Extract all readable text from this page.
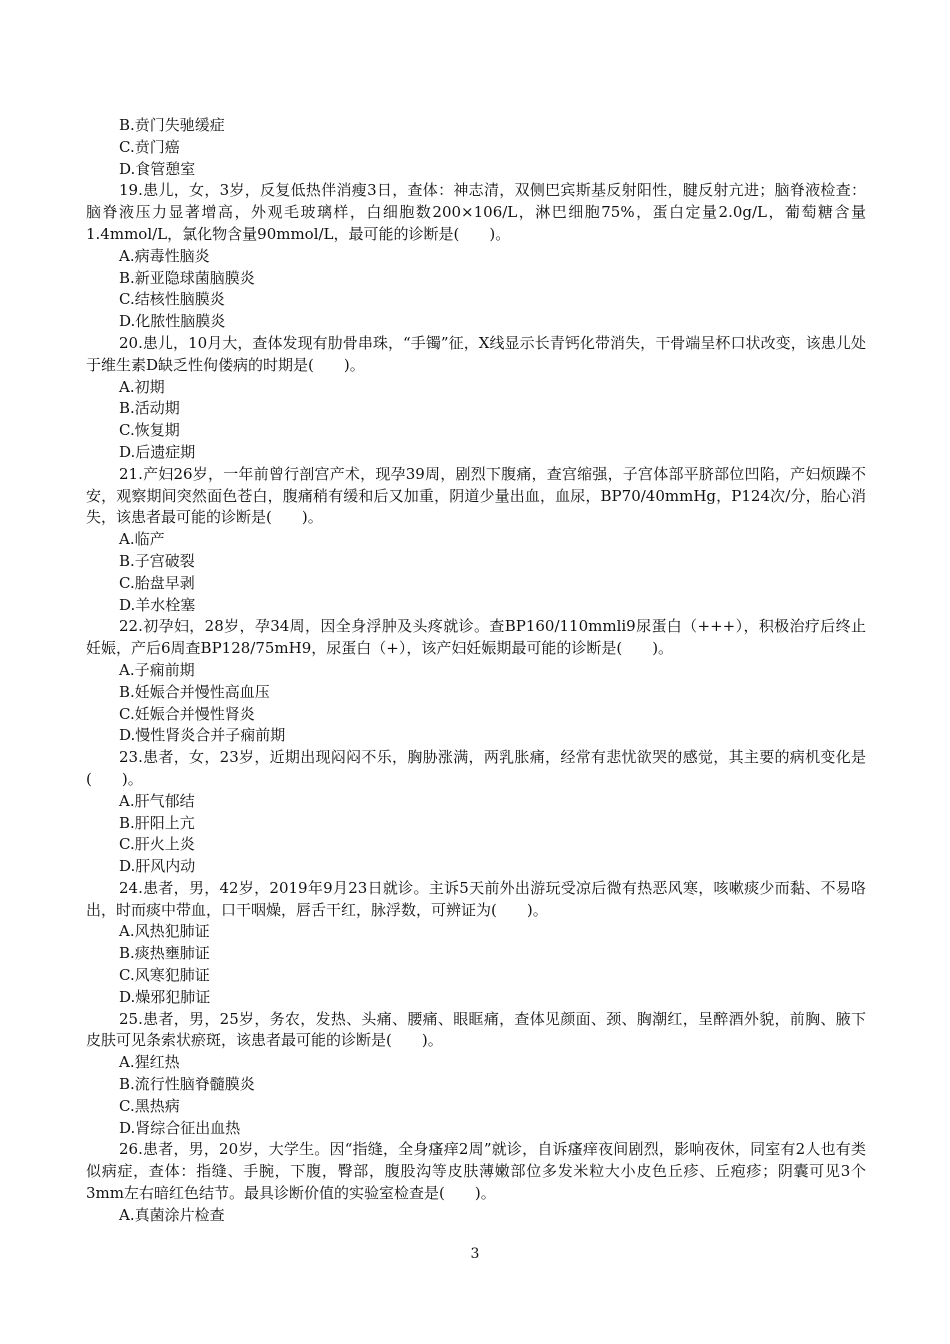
B.贲门失驰缓症
C.贲门癌
D.食管憩室
19.患儿，女，3岁，反复低热伴消瘦3日，查体：神志清，双侧巴宾斯基反射阳性，腱反射亢进；脑脊液检查：脑脊液压力显著增高，外观毛玻璃样，白细胞数200×106/L，淋巴细胞75%，蛋白定量2.0g/L，葡萄糖含量1.4mmol/L，氯化物含量90mmol/L，最可能的诊断是(　　)。
A.病毒性脑炎
B.新亚隐球菌脑膜炎
C.结核性脑膜炎
D.化脓性脑膜炎
20.患儿，10月大，查体发现有肋骨串珠，“手镯”征，X线显示长青钙化带消失，干骨端呈杯口状改变，该患儿处于维生素D缺乏性佝偻病的时期是(　　)。
A.初期
B.活动期
C.恢复期
D.后遗症期
21.产妇26岁，一年前曾行剖宫产术，现孕39周，剧烈下腹痛，查宫缩强，子宫体部平脐部位凹陷，产妇烦躁不安，观察期间突然面色苍白，腹痛稍有缓和后又加重，阴道少量出血，血尿，BP70/40mmHg，P124次/分，胎心消失，该患者最可能的诊断是(　　)。
A.临产
B.子宫破裂
C.胎盘早剥
D.羊水栓塞
22.初孕妇，28岁，孕34周，因全身浮肿及头疼就诊。查BP160/110mmli9尿蛋白（+++），积极治疗后终止妊娠，产后6周查BP128/75mH9，尿蛋白（+），该产妇妊娠期最可能的诊断是(　　)。
A.子痫前期
B.妊娠合并慢性高血压
C.妊娠合并慢性肾炎
D.慢性肾炎合并子痫前期
23.患者，女，23岁，近期出现闷闷不乐，胸胁涨满，两乳胀痛，经常有悲忧欲哭的感觉，其主要的病机变化是(　　)。
A.肝气郁结
B.肝阳上亢
C.肝火上炎
D.肝风内动
24.患者，男，42岁，2019年9月23日就诊。主诉5天前外出游玩受凉后微有热恶风寒，咳嗽痰少而黏、不易咯出，时而痰中带血，口干咽燥，唇舌干红，脉浮数，可辨证为(　　)。
A.风热犯肺证
B.痰热壅肺证
C.风寒犯肺证
D.燥邪犯肺证
25.患者，男，25岁，务农，发热、头痛、腰痛、眼眶痛，查体见颜面、颈、胸潮红，呈醉酒外貌，前胸、腋下皮肤可见条索状瘀斑，该患者最可能的诊断是(　　)。
A.猩红热
B.流行性脑脊髓膜炎
C.黑热病
D.肾综合征出血热
26.患者，男，20岁，大学生。因“指缝，全身瘙痒2周”就诊，自诉瘙痒夜间剧烈，影响夜休，同室有2人也有类似病症，查体：指缝、手腕，下腹，臀部，腹股沟等皮肤薄嫩部位多发米粒大小皮色丘疹、丘疱疹；阴囊可见3个3mm左右暗红色结节。最具诊断价值的实验室检查是(　　)。
A.真菌涂片检查
3
